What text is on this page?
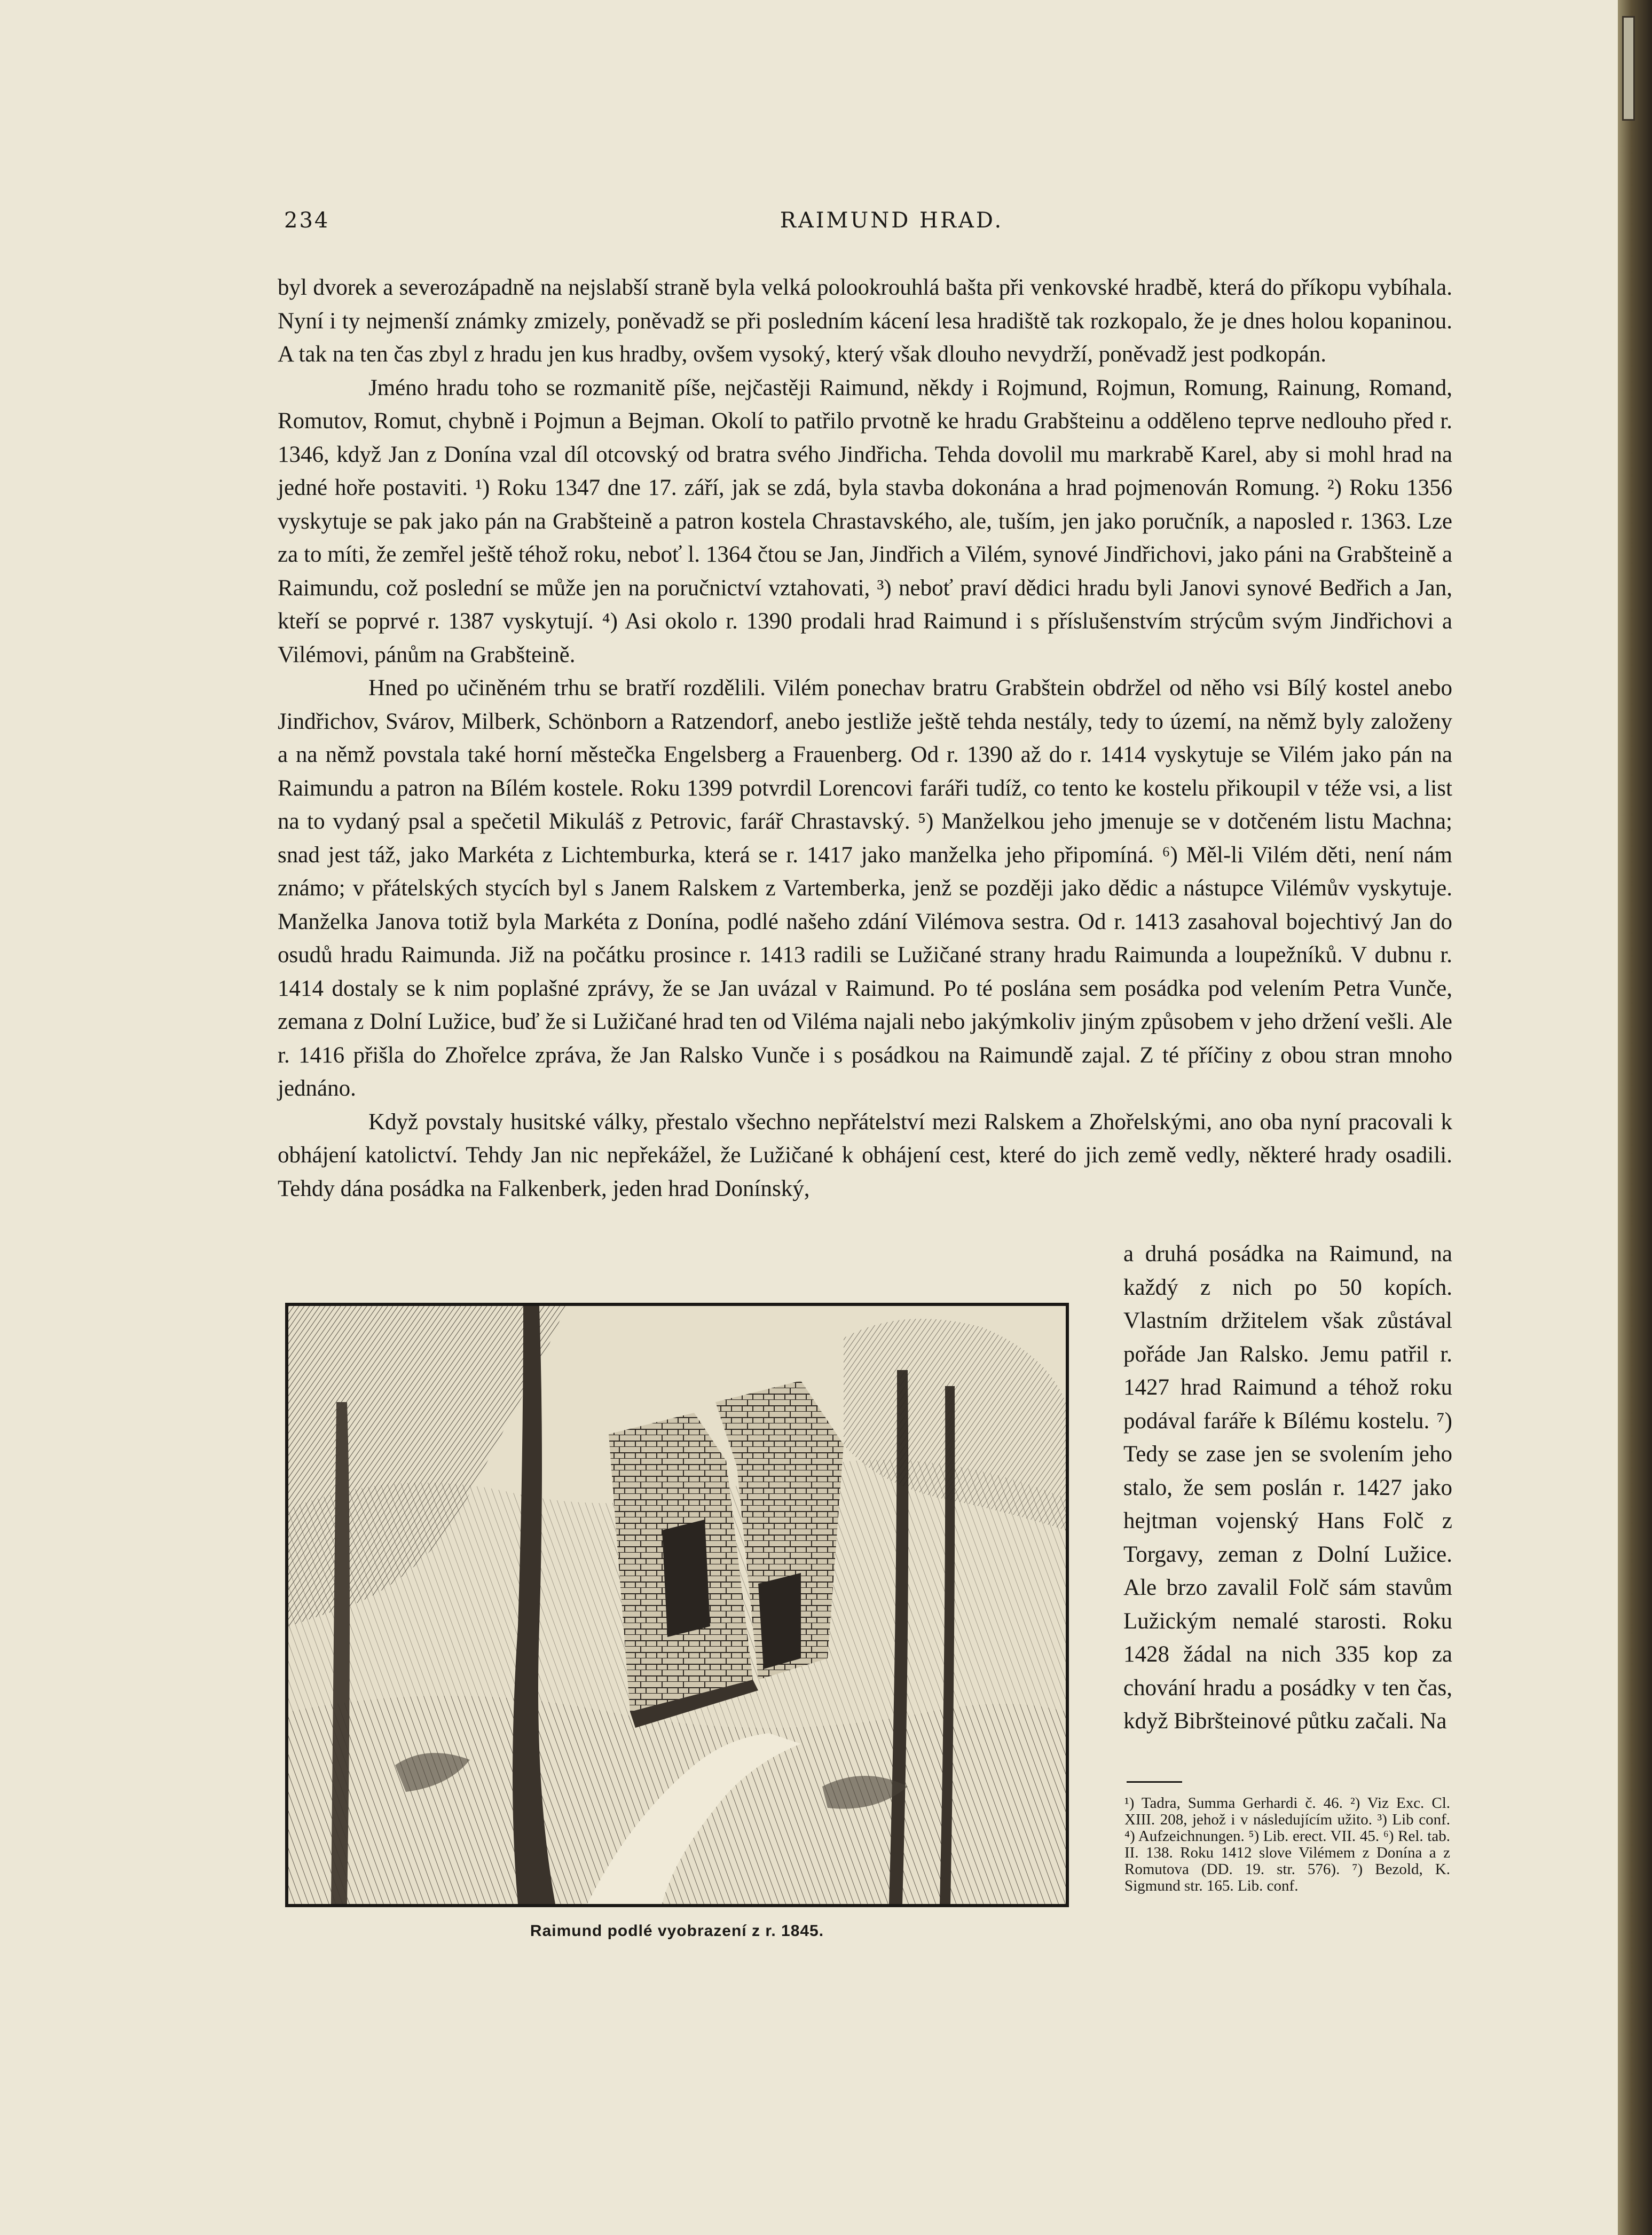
234	RAIMUND HRAD.

byl dvorek a severozápadně na nejslabší straně byla velká polookrouhlá bašta při venkovské hradbě, která do příkopu vybíhala. Nyní i ty nejmenší známky zmizely, poněvadž se při posledním kácení lesa hradiště tak rozkopalo, že je dnes holou kopaninou. A tak na ten čas zbyl z hradu jen kus hradby, ovšem vysoký, který však dlouho nevydrží, poněvadž jest podkopán.

Jméno hradu toho se rozmanitě píše, nejčastěji Raimund, někdy i Rojmund, Rojmun, Romung, Rainung, Romand, Romutov, Romut, chybně i Pojmun a Bejman. Okolí to patřilo prvotně ke hradu Grabšteinu a odděleno teprve nedlouho před r. 1346, když Jan z Donína vzal díl otcovský od bratra svého Jindřicha. Tehda dovolil mu markrabě Karel, aby si mohl hrad na jedné hoře postaviti. ¹) Roku 1347 dne 17. září, jak se zdá, byla stavba dokonána a hrad pojmenován Romung. ²) Roku 1356 vyskytuje se pak jako pán na Grabšteině a patron kostela Chrastavského, ale, tuším, jen jako poručník, a naposled r. 1363. Lze za to míti, že zemřel ještě téhož roku, neboť l. 1364 čtou se Jan, Jindřich a Vilém, synové Jindřichovi, jako páni na Grabšteině a Raimundu, což poslední se může jen na poručnictví vztahovati, ³) neboť praví dědici hradu byli Janovi synové Bedřich a Jan, kteří se poprvé r. 1387 vyskytují. ⁴) Asi okolo r. 1390 prodali hrad Raimund i s příslušenstvím strýcům svým Jindřichovi a Vilémovi, pánům na Grabšteině.

Hned po učiněném trhu se bratří rozdělili. Vilém ponechav bratru Grabštein obdržel od něho vsi Bílý kostel anebo Jindřichov, Svárov, Milberk, Schönborn a Ratzendorf, anebo jestliže ještě tehda nestály, tedy to území, na němž byly založeny a na němž povstala také horní městečka Engelsberg a Frauenberg. Od r. 1390 až do r. 1414 vyskytuje se Vilém jako pán na Raimundu a patron na Bílém kostele. Roku 1399 potvrdil Lorencovi faráři tudíž, co tento ke kostelu přikoupil v téže vsi, a list na to vydaný psal a spečetil Mikuláš z Petrovic, farář Chrastavský. ⁵) Manželkou jeho jmenuje se v dotčeném listu Machna; snad jest táž, jako Markéta z Lichtemburka, která se r. 1417 jako manželka jeho připomíná. ⁶) Měl-li Vilém děti, není nám známo; v přátelských stycích byl s Janem Ralskem z Vartemberka, jenž se později jako dědic a nástupce Vilémův vyskytuje. Manželka Janova totiž byla Markéta z Donína, podlé našeho zdání Vilémova sestra. Od r. 1413 zasahoval bojechtivý Jan do osudů hradu Raimunda. Již na počátku prosince r. 1413 radili se Lužičané strany hradu Raimunda a loupežníků. V dubnu r. 1414 dostaly se k nim poplašné zprávy, že se Jan uvázal v Raimund. Po té poslána sem posádka pod velením Petra Vunče, zemana z Dolní Lužice, buď že si Lužičané hrad ten od Viléma najali nebo jakýmkoliv jiným způsobem v jeho držení vešli. Ale r. 1416 přišla do Zhořelce zpráva, že Jan Ralsko Vunče i s posádkou na Raimundě zajal. Z té příčiny z obou stran mnoho jednáno.

Když povstaly husitské války, přestalo všechno nepřátelství mezi Ralskem a Zhořelskými, ano oba nyní pracovali k obhájení katolictví. Tehdy Jan nic nepřekážel, že Lužičané k obhájení cest, které do jich země vedly, některé hrady osadili. Tehdy dána posádka na Falkenberk, jeden hrad Donínský,

a druhá posádka na Raimund, na každý z nich po 50 kopích. Vlastním držitelem však zůstával pořáde Jan Ralsko. Jemu patřil r. 1427 hrad Raimund a téhož roku podával faráře k Bílému kostelu. ⁷) Tedy se zase jen se svolením jeho stalo, že sem poslán r. 1427 jako hejtman vojenský Hans Folč z Torgavy, zeman z Dolní Lužice. Ale brzo zavalil Folč sám stavům Lužickým nemalé starosti. Roku 1428 žádal na nich 335 kop za chování hradu a posádky v ten čas, když Bibršteinové půtku začali. Na

Raimund podlé vyobrazení z r. 1845.

¹) Tadra, Summa Gerhardi č. 46. ²) Viz Exc. Cl. XIII. 208, jehož i v následujícím užito. ³) Lib conf. ⁴) Aufzeichnungen. ⁵) Lib. erect. VII. 45. ⁶) Rel. tab. II. 138. Roku 1412 slove Vilémem z Donína a z Romutova (DD. 19. str. 576). ⁷) Bezold, K. Sigmund str. 165. Lib. conf.
